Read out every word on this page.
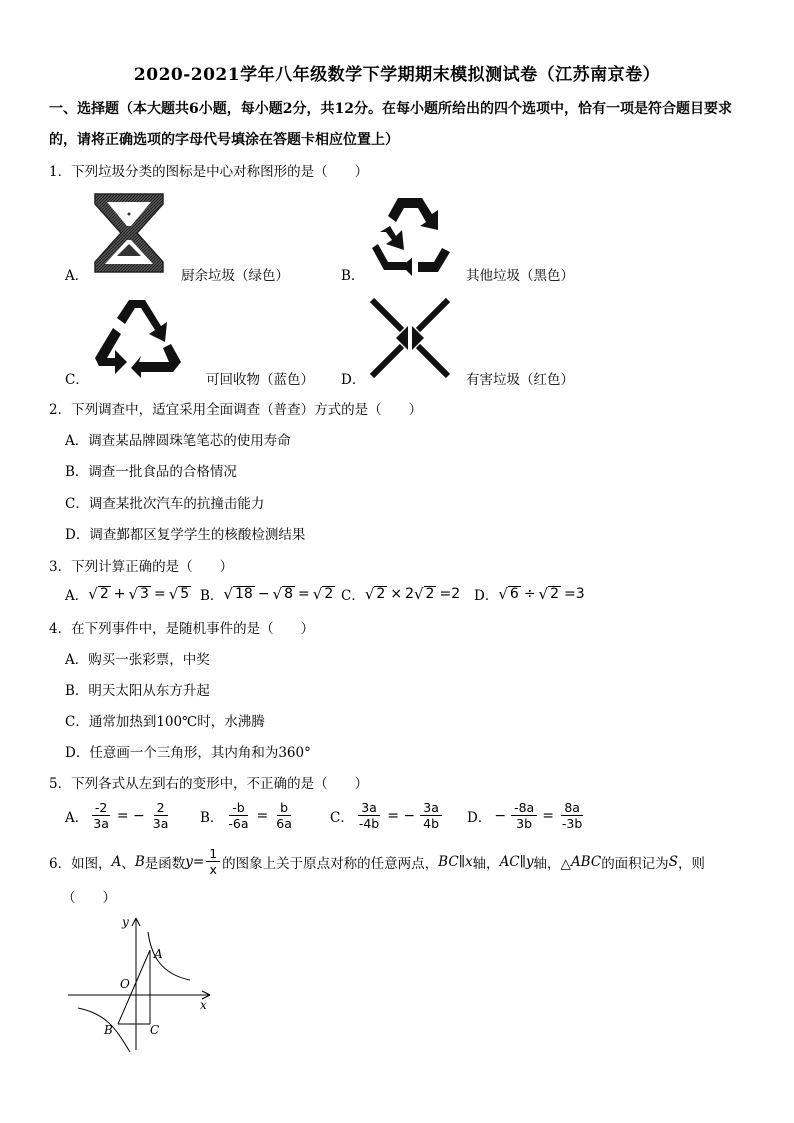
2020-2021学年八年级数学下学期期末模拟测试卷（江苏南京卷）
一、选择题（本大题共6小题，每小题2分，共12分。在每小题所给出的四个选项中，恰有一项是符合题目要求
的，请将正确选项的字母代号填涂在答题卡相应位置上）
1．下列垃圾分类的图标是中心对称图形的是（　　）
A．	厨余垃圾（绿色）	B．	其他垃圾（黑色）
C．	可回收物（蓝色） D．	有害垃圾（红色）
2．下列调查中，适宜采用全面调查（普查）方式的是（　　）
A．调查某品牌圆珠笔笔芯的使用寿命
B．调查一批食品的合格情况
C．调查某批次汽车的抗撞击能力
D．调查鄞都区复学学生的核酸检测结果
3．下列计算正确的是（　　）
A． √ 2 + √ 3 = √ 5 B． √ 18 − √ 8 = √ 2 C． √ 2 × 2 √ 2 =2 D． √ 6 ÷ √ 2 =3
4．在下列事件中，是随机事件的是（　　）
A．购买一张彩票，中奖
B．明天太阳从东方升起
C．通常加热到100℃时，水沸腾
D．任意画一个三角形，其内角和为360°
5．下列各式从左到右的变形中，不正确的是（　　）
A． $\frac{-2}{3a}$ = − $\frac{2}{3a}$ B． $\frac{-b}{-6a} = \frac{b}{6a}$	C． $\frac{3a}{-4b}$ = − $\frac{3a}{4b}$ D． − $\frac{-8a}{3b} = \frac{8a}{-3b}$
6．如图， A 、 B 是函数 $y = \frac{1}{x}$ 的图象上关于原点对称的任意两点， BC ∥ x 轴， AC ∥ y 轴，△ ABC 的面积记为 S ，则
（　　）
y
x
O
A
B	C
